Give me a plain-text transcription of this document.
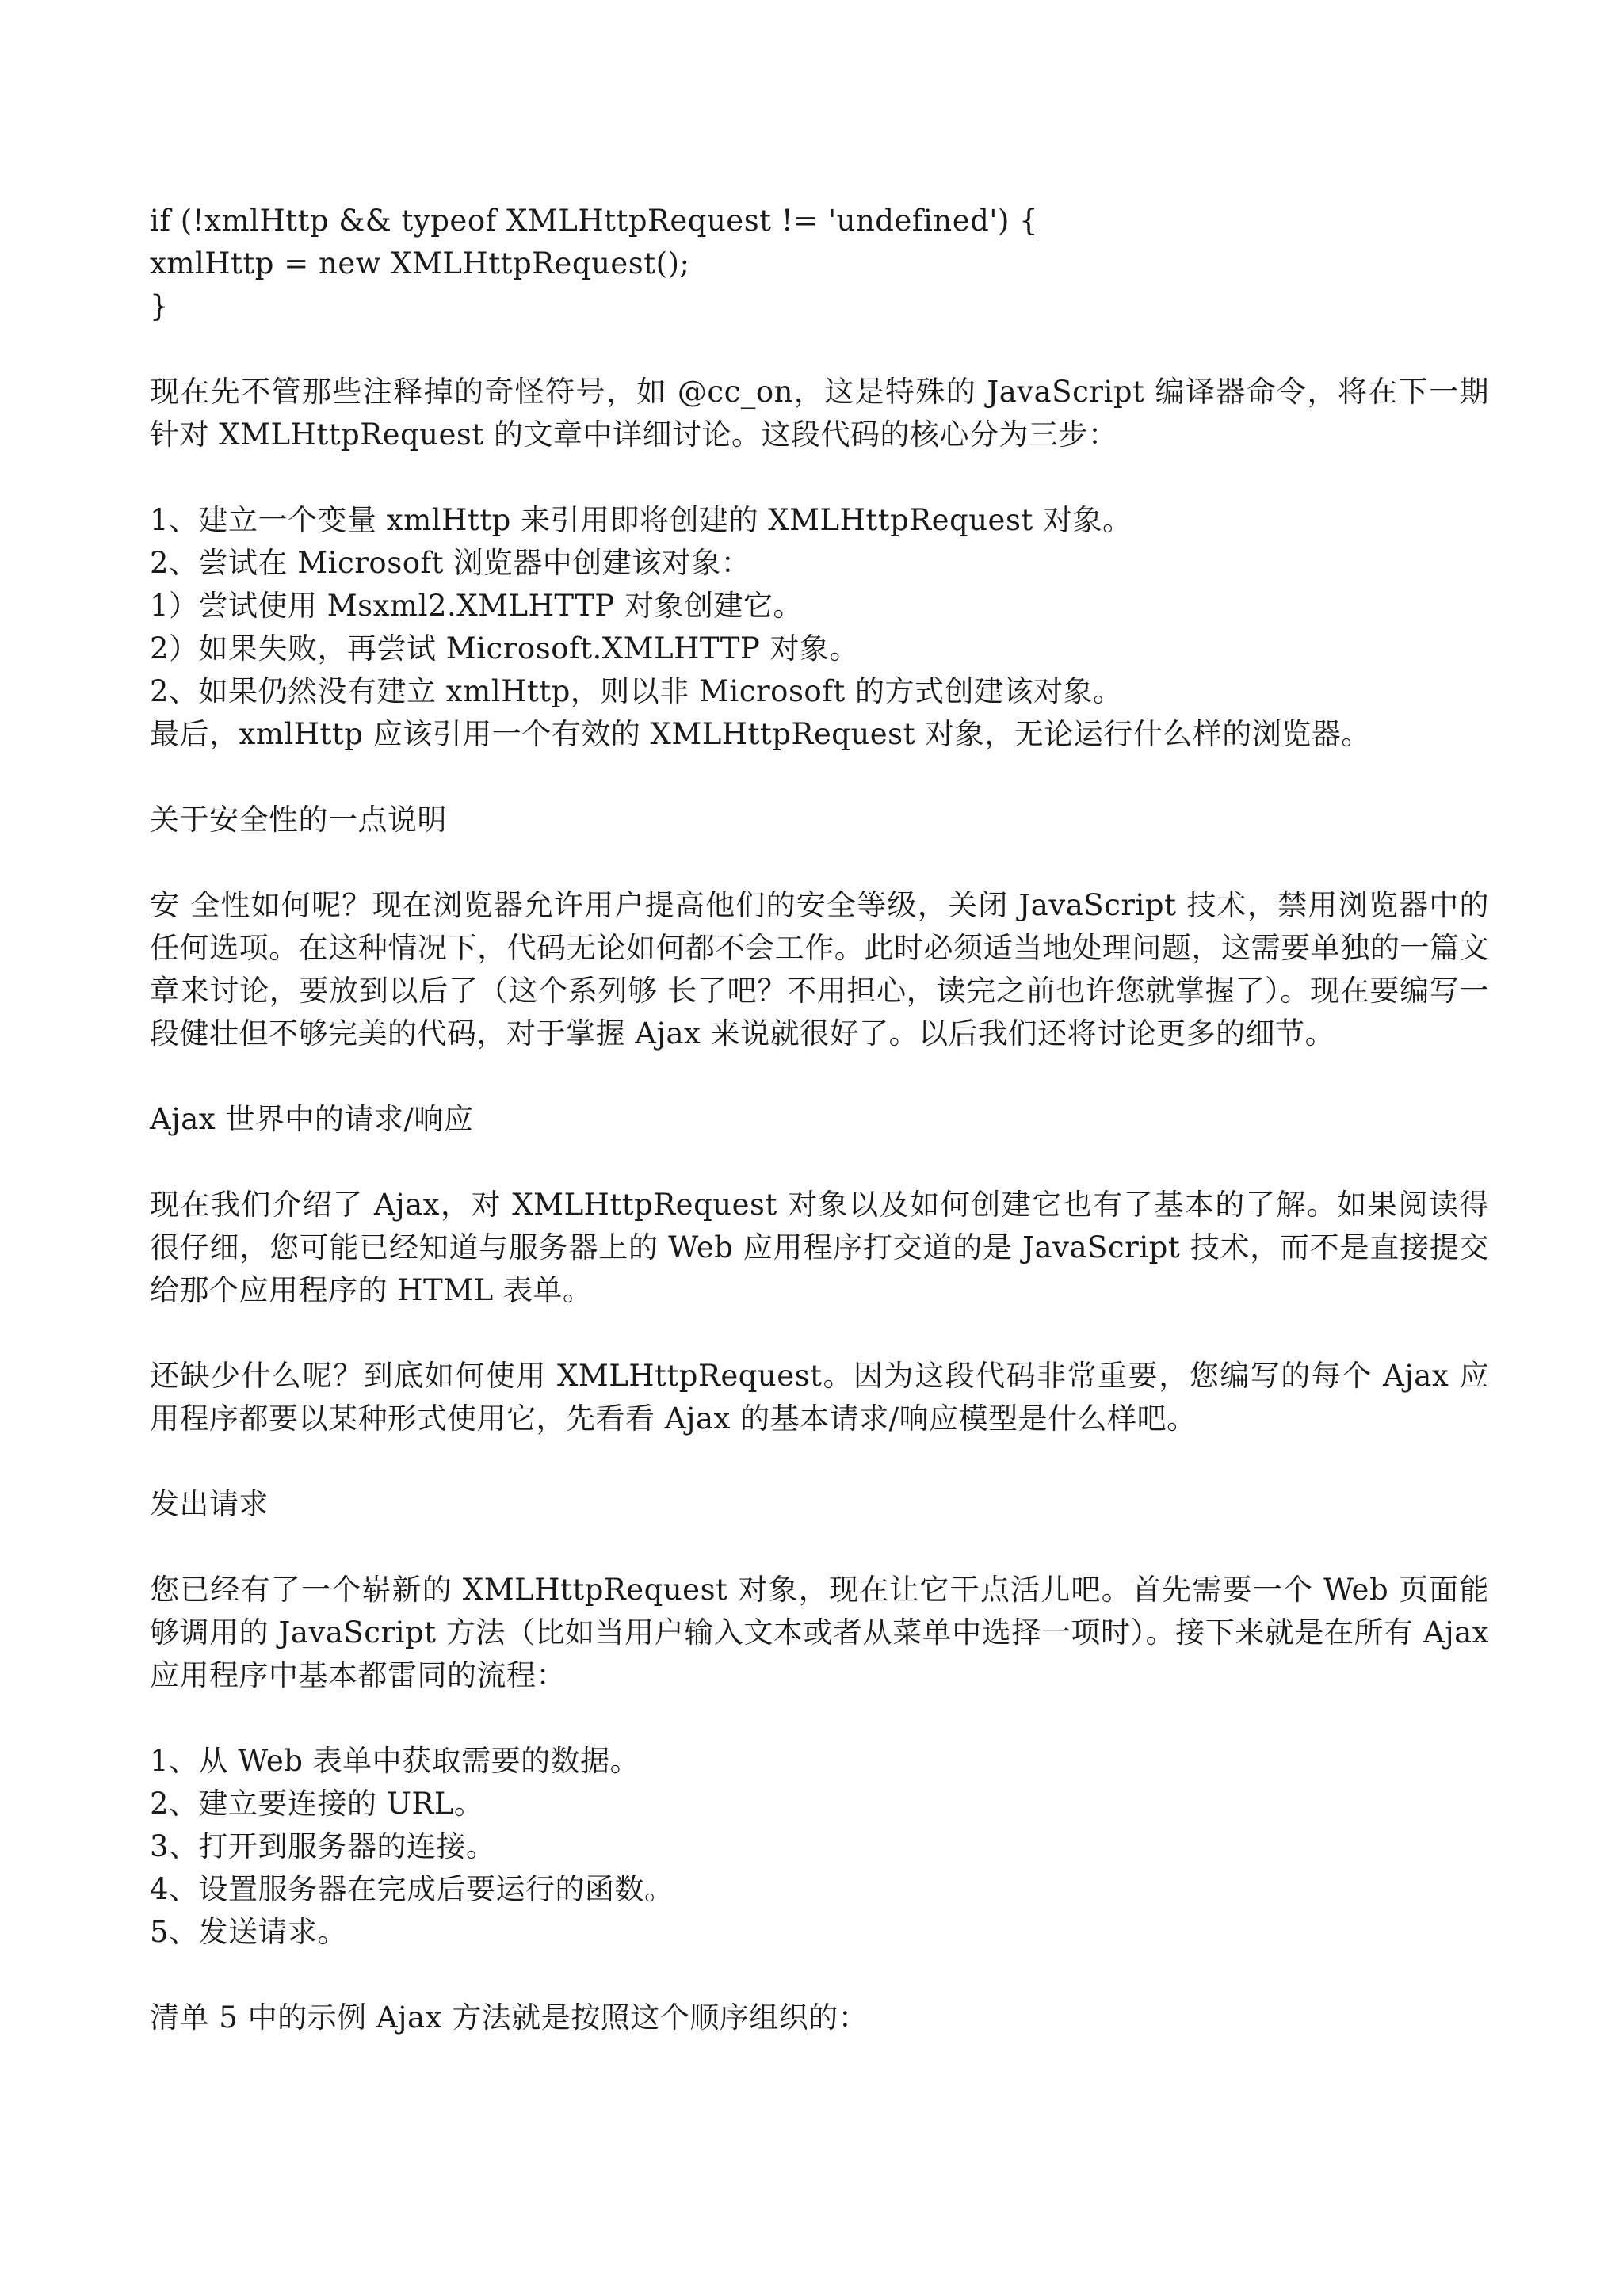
if (!xmlHttp && typeof XMLHttpRequest != 'undefined') {

xmlHttp = new XMLHttpRequest();

}

现在先不管那些注释掉的奇怪符号，如 @cc_on，这是特殊的 JavaScript 编译器命令，将在下一期针对 XMLHttpRequest 的文章中详细讨论。这段代码的核心分为三步：

1、建立一个变量 xmlHttp 来引用即将创建的 XMLHttpRequest 对象。

2、尝试在 Microsoft 浏览器中创建该对象：

1）尝试使用 Msxml2.XMLHTTP 对象创建它。

2）如果失败，再尝试 Microsoft.XMLHTTP 对象。

2、如果仍然没有建立 xmlHttp，则以非 Microsoft 的方式创建该对象。

最后，xmlHttp 应该引用一个有效的 XMLHttpRequest 对象，无论运行什么样的浏览器。

关于安全性的一点说明

安 全性如何呢？现在浏览器允许用户提高他们的安全等级，关闭 JavaScript 技术，禁用浏览器中的任何选项。在这种情况下，代码无论如何都不会工作。此时必须适当地处理问题，这需要单独的一篇文章来讨论，要放到以后了（这个系列够 长了吧？不用担心，读完之前也许您就掌握了）。现在要编写一段健壮但不够完美的代码，对于掌握 Ajax 来说就很好了。以后我们还将讨论更多的细节。

Ajax 世界中的请求/响应

现在我们介绍了 Ajax，对 XMLHttpRequest 对象以及如何创建它也有了基本的了解。如果阅读得很仔细，您可能已经知道与服务器上的 Web 应用程序打交道的是 JavaScript 技术，而不是直接提交给那个应用程序的 HTML 表单。

还缺少什么呢？到底如何使用 XMLHttpRequest。因为这段代码非常重要，您编写的每个 Ajax 应用程序都要以某种形式使用它，先看看 Ajax 的基本请求/响应模型是什么样吧。

发出请求

您已经有了一个崭新的 XMLHttpRequest 对象，现在让它干点活儿吧。首先需要一个 Web 页面能够调用的 JavaScript 方法（比如当用户输入文本或者从菜单中选择一项时）。接下来就是在所有 Ajax 应用程序中基本都雷同的流程：

1、从 Web 表单中获取需要的数据。

2、建立要连接的 URL。

3、打开到服务器的连接。

4、设置服务器在完成后要运行的函数。

5、发送请求。

清单 5 中的示例 Ajax 方法就是按照这个顺序组织的：
